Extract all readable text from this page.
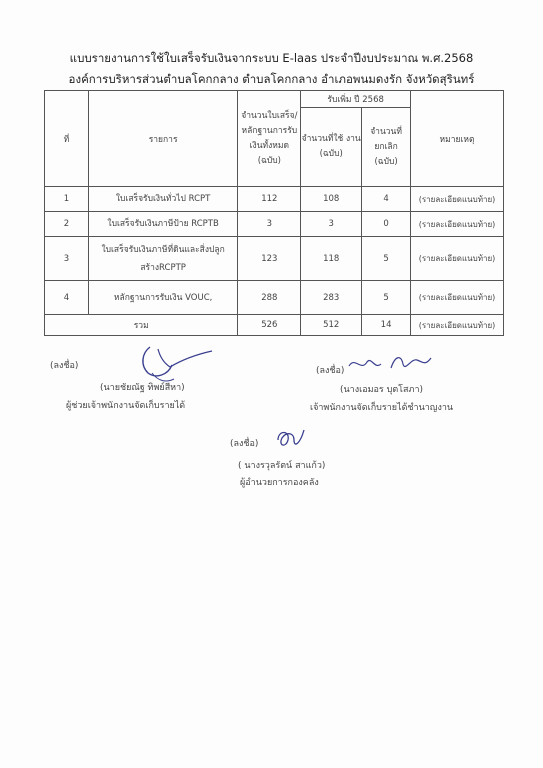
แบบรายงานการใช้ใบเสร็จรับเงินจากระบบ E-laas ประจำปีงบประมาณ พ.ศ.2568
องค์การบริหารส่วนตำบลโคกกลาง ตำบลโคกกลาง อำเภอพนมดงรัก จังหวัดสุรินทร์
ที่	รายการ	จำนวนใบเสร็จ/ หลักฐานการรับ เงินทั้งหมด (ฉบับ)	รับเพิ่ม ปี 2568		หมายเหตุ
			จำนวนที่ใช้ งาน (ฉบับ)	จำนวนที่ ยกเลิก (ฉบับ)	
1	ใบเสร็จรับเงินทั่วไป RCPT	112	108	4	(รายละเอียดแนบท้าย)
2	ใบเสร็จรับเงินภาษีป้าย RCPTB	3	3	0	(รายละเอียดแนบท้าย)
3	ใบเสร็จรับเงินภาษีที่ดินและสิ่งปลูกสร้างRCPTP	123	118	5	(รายละเอียดแนบท้าย)
4	หลักฐานการรับเงิน VOUC,	288	283	5	(รายละเอียดแนบท้าย)
รวม		526	512	14	(รายละเอียดแนบท้าย)
(ลงชื่อ)
(นายชัยณัฐ ทิพย์สีหา)
ผู้ช่วยเจ้าพนักงานจัดเก็บรายได้
(ลงชื่อ)
(นางเอมอร บุตโสภา)
เจ้าพนักงานจัดเก็บรายได้ชำนาญงาน
(ลงชื่อ)
( นางรวุลรัตน์ สาแก้ว)
ผู้อำนวยการกองคลัง
